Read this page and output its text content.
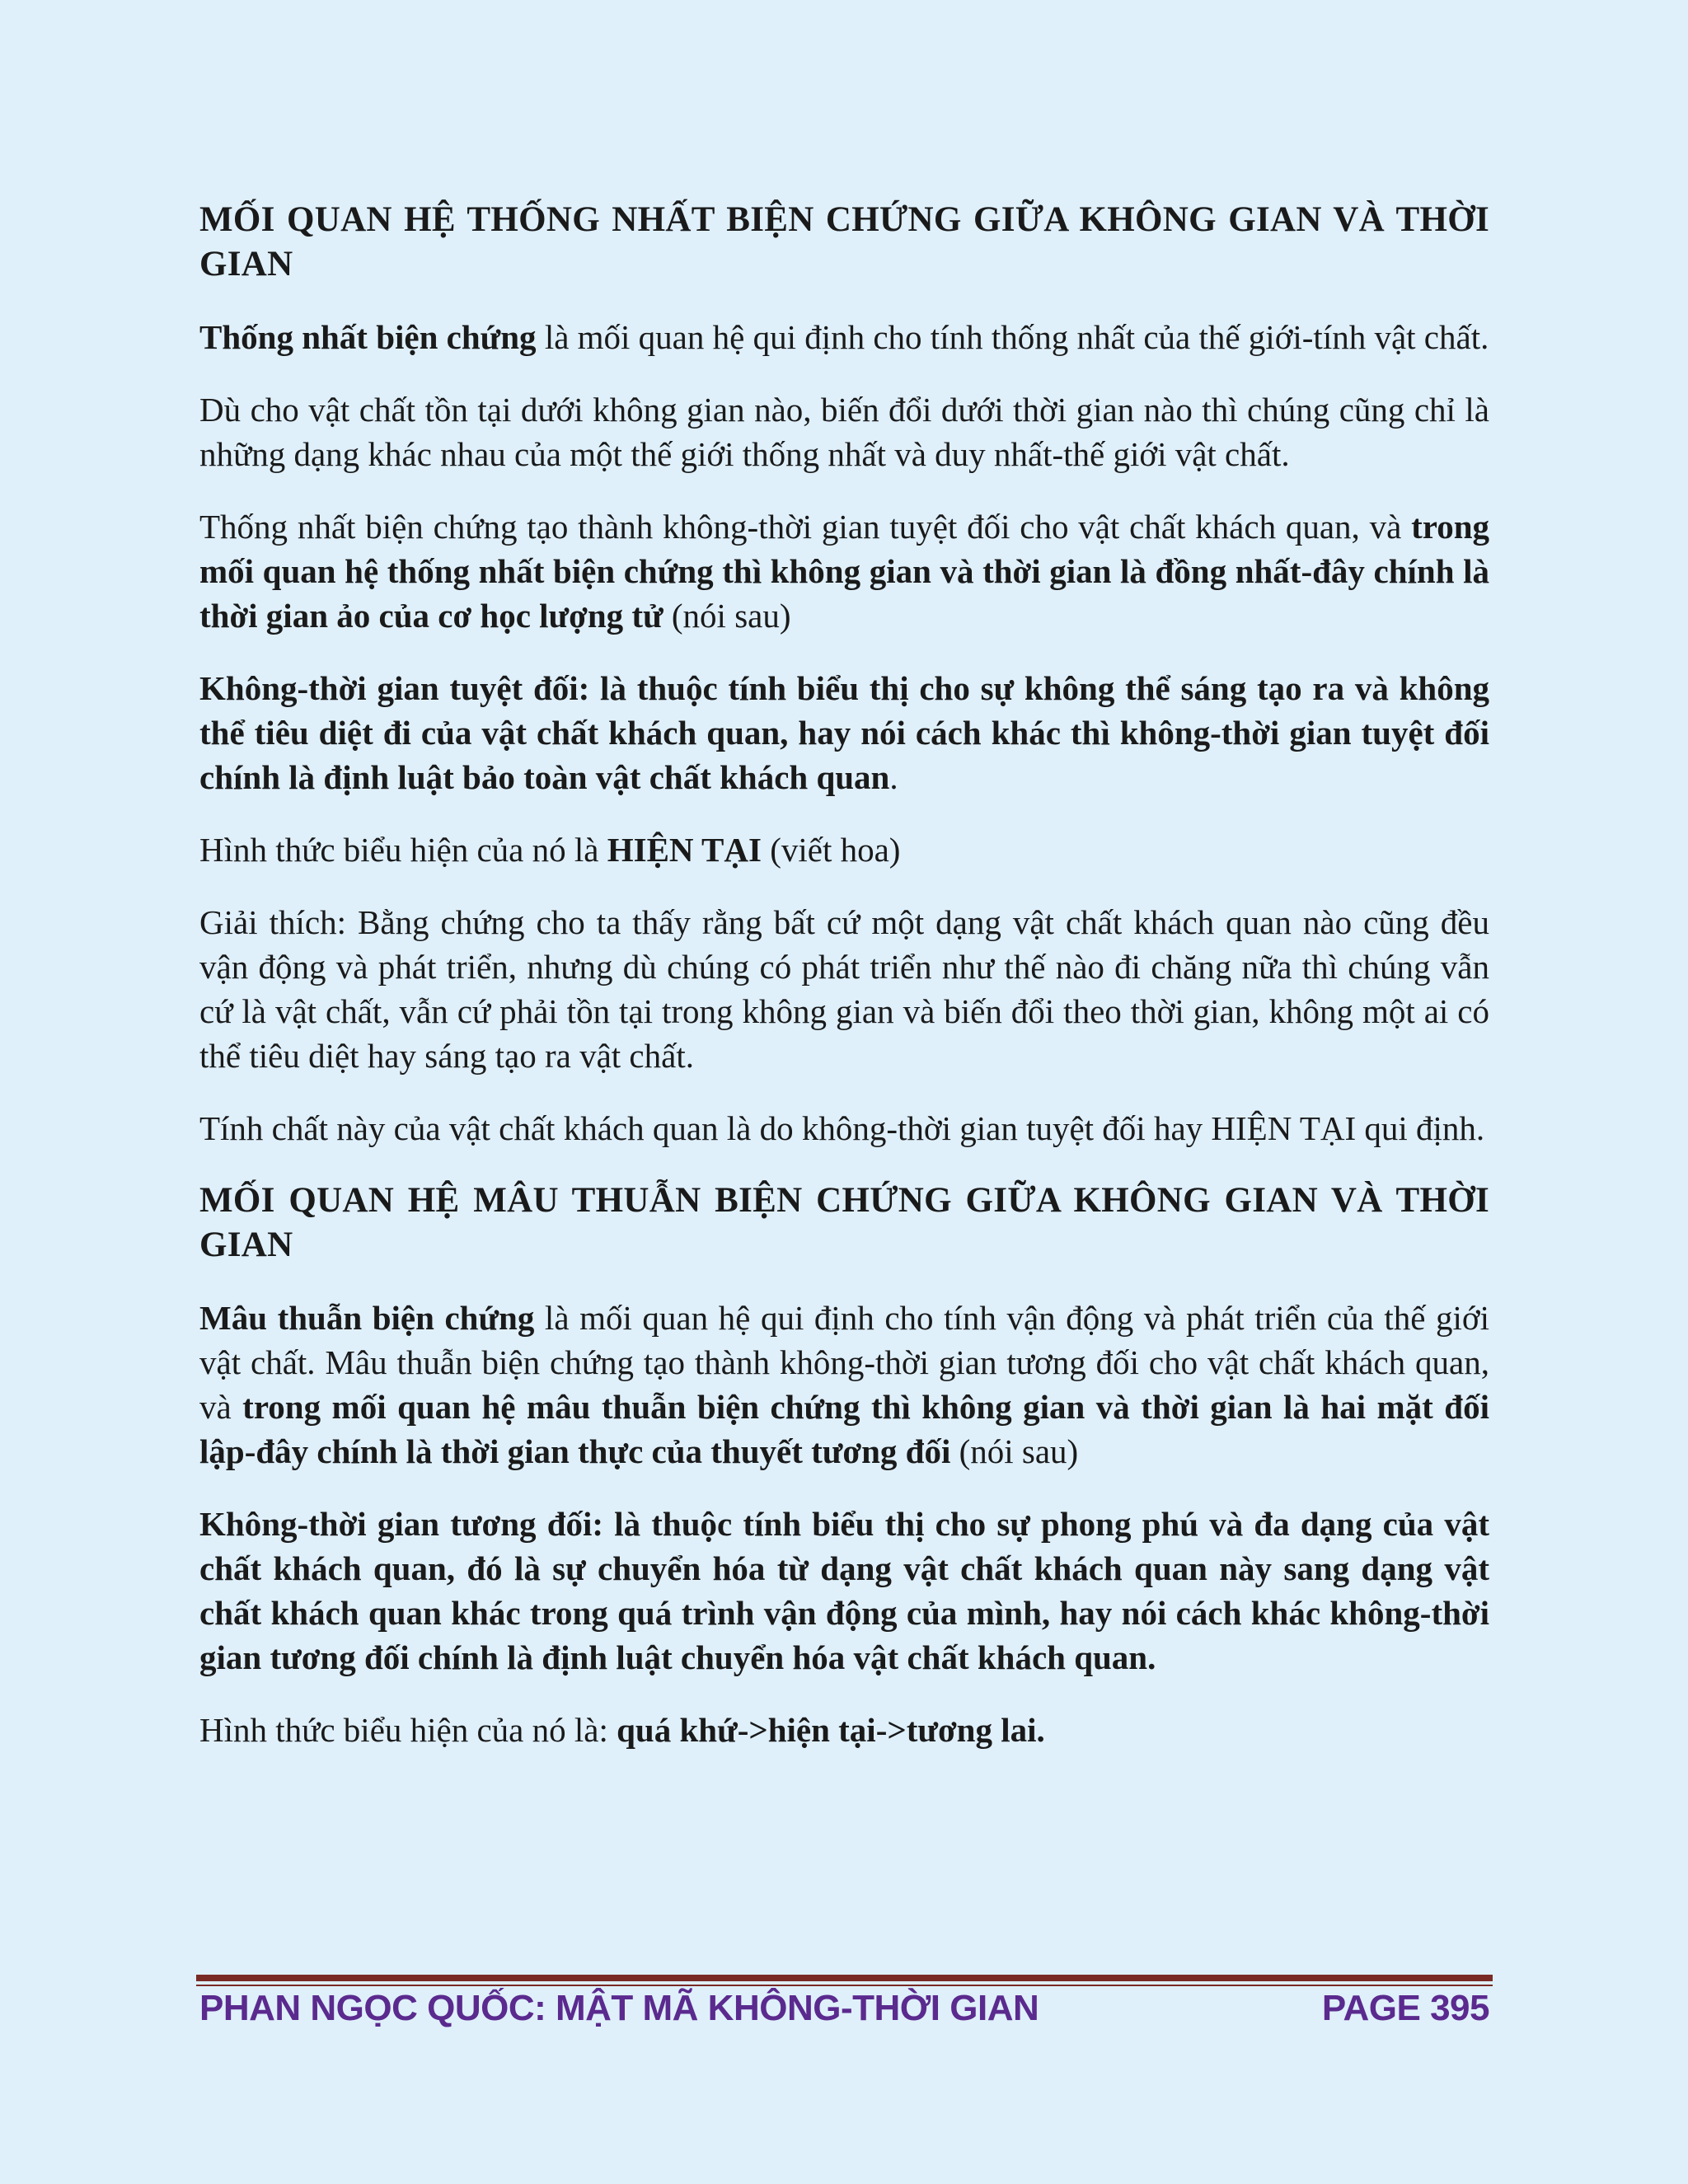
MỐI QUAN HỆ THỐNG NHẤT BIỆN CHỨNG GIỮA KHÔNG GIAN VÀ THỜI GIAN

Thống nhất biện chứng là mối quan hệ qui định cho tính thống nhất của thế giới-tính vật chất.

Dù cho vật chất tồn tại dưới không gian nào, biến đổi dưới thời gian nào thì chúng cũng chỉ là những dạng khác nhau của một thế giới thống nhất và duy nhất-thế giới vật chất.

Thống nhất biện chứng tạo thành không-thời gian tuyệt đối cho vật chất khách quan, và trong mối quan hệ thống nhất biện chứng thì không gian và thời gian là đồng nhất-đây chính là thời gian ảo của cơ học lượng tử (nói sau)

Không-thời gian tuyệt đối: là thuộc tính biểu thị cho sự không thể sáng tạo ra và không thể tiêu diệt đi của vật chất khách quan, hay nói cách khác thì không-thời gian tuyệt đối chính là định luật bảo toàn vật chất khách quan.

Hình thức biểu hiện của nó là HIỆN TẠI (viết hoa)

Giải thích: Bằng chứng cho ta thấy rằng bất cứ một dạng vật chất khách quan nào cũng đều vận động và phát triển, nhưng dù chúng có phát triển như thế nào đi chăng nữa thì chúng vẫn cứ là vật chất, vẫn cứ phải tồn tại trong không gian và biến đổi theo thời gian, không một ai có thể tiêu diệt hay sáng tạo ra vật chất.

Tính chất này của vật chất khách quan là do không-thời gian tuyệt đối hay HIỆN TẠI qui định.

MỐI QUAN HỆ MÂU THUẪN BIỆN CHỨNG GIỮA KHÔNG GIAN VÀ THỜI GIAN

Mâu thuẫn biện chứng là mối quan hệ qui định cho tính vận động và phát triển của thế giới vật chất. Mâu thuẫn biện chứng tạo thành không-thời gian tương đối cho vật chất khách quan, và trong mối quan hệ mâu thuẫn biện chứng thì không gian và thời gian là hai mặt đối lập-đây chính là thời gian thực của thuyết tương đối (nói sau)

Không-thời gian tương đối: là thuộc tính biểu thị cho sự phong phú và đa dạng của vật chất khách quan, đó là sự chuyển hóa từ dạng vật chất khách quan này sang dạng vật chất khách quan khác trong quá trình vận động của mình, hay nói cách khác không-thời gian tương đối chính là định luật chuyển hóa vật chất khách quan.

Hình thức biểu hiện của nó là: quá khứ->hiện tại->tương lai.

PHAN NGỌC QUỐC: MẬT MÃ KHÔNG-THỜI GIAN	PAGE 395
